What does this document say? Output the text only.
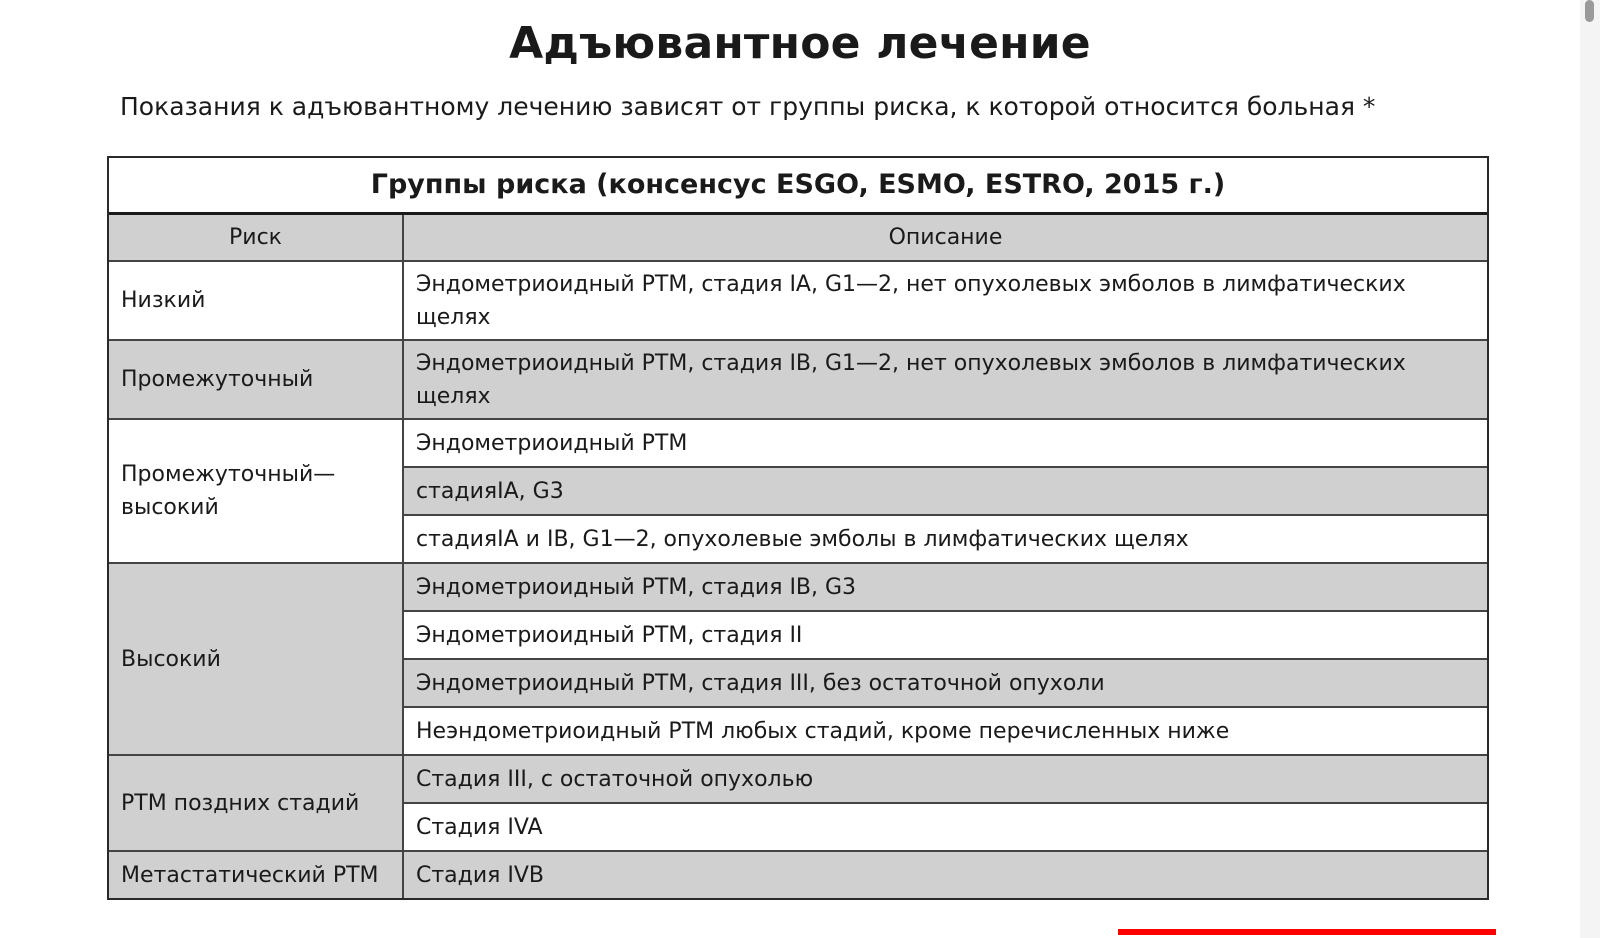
Адъювантное лечение
Показания к адъювантному лечению зависят от группы риска, к которой относится больная *
Группы риска (консенсус ESGO, ESMO, ESTRO, 2015 г.)
Риск	Описание
Низкий	Эндометриоидный РТМ, стадия IA, G1—2, нет опухолевых эмболов в лимфатических щелях
Промежуточный	Эндометриоидный РТМ, стадия IB, G1—2, нет опухолевых эмболов в лимфатических щелях
Промежуточный—высокий	Эндометриоидный РТМ
	стадияIA, G3
	стадияIA и IB, G1—2, опухолевые эмболы в лимфатических щелях
Высокий	Эндометриоидный РТМ, стадия IB, G3
	Эндометриоидный РТМ, стадия II
	Эндометриоидный РТМ, стадия III, без остаточной опухоли
	Неэндометриоидный РТМ любых стадий, кроме перечисленных ниже
РТМ поздних стадий	Стадия III, с остаточной опухолью
	Стадия IVA
Метастатический РТМ	Стадия IVB
